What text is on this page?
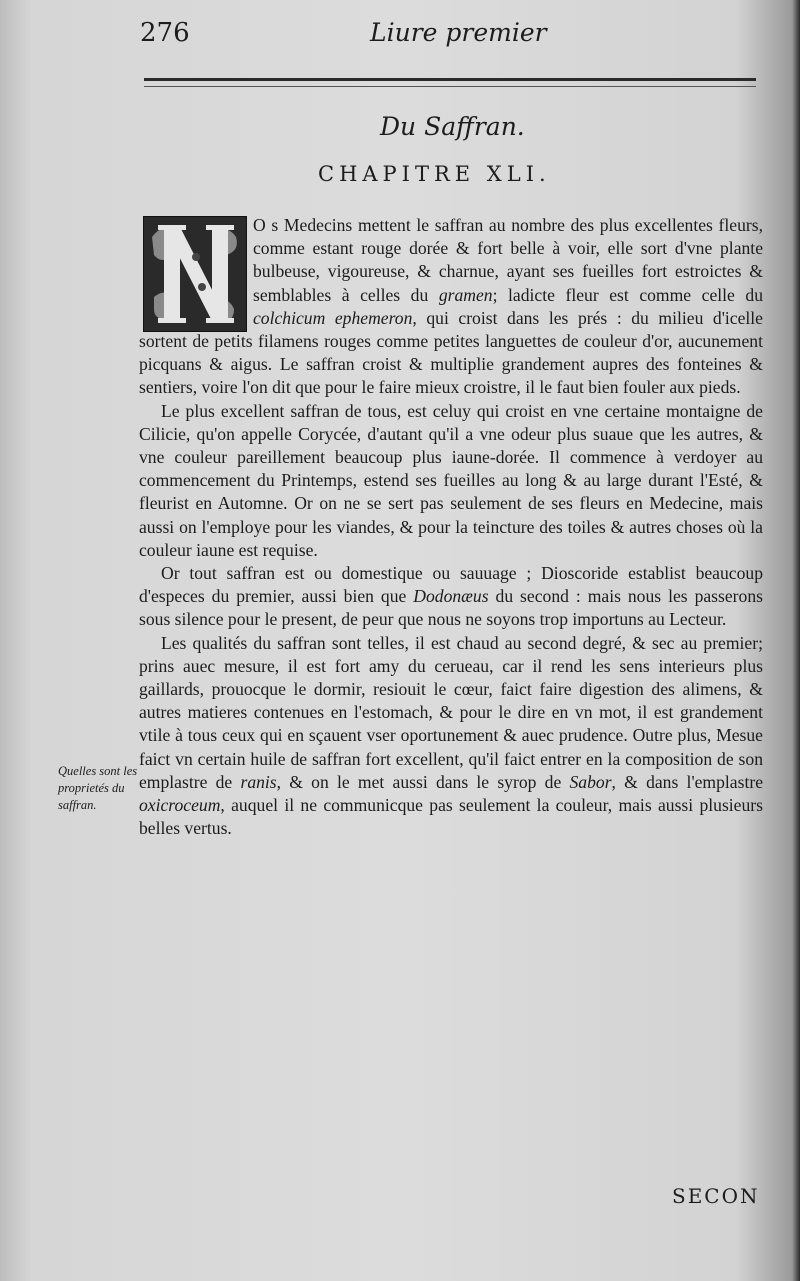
276	Liure premier
Du Saffran.
CHAPITRE XLI.

O s Medecins mettent le saffran au nombre des plus excellentes fleurs, comme estant rouge dorée & fort belle à voir, elle sort d'vne plante bulbeuse, vigoureuse, & charnue, ayant ses fueilles fort estroictes & semblables à celles du gramen; ladicte fleur est comme celle du colchicum ephemeron, qui croist dans les prés : du milieu d'icelle sortent de petits filamens rouges comme petites languettes de couleur d'or, aucunement picquans & aigus. Le saffran croist & multiplie grandement aupres des fonteines & sentiers, voire l'on dit que pour le faire mieux croistre, il le faut bien fouler aux pieds.

Le plus excellent saffran de tous, est celuy qui croist en vne certaine montaigne de Cilicie, qu'on appelle Corycée, d'autant qu'il a vne odeur plus suaue que les autres, & vne couleur pareillement beaucoup plus iaune-dorée. Il commence à verdoyer au commencement du Printemps, estend ses fueilles au long & au large durant l'Esté, & fleurist en Automne. Or on ne se sert pas seulement de ses fleurs en Medecine, mais aussi on l'employe pour les viandes, & pour la teincture des toiles & autres choses où la couleur iaune est requise.

Or tout saffran est ou domestique ou sauuage ; Dioscoride establist beaucoup d'especes du premier, aussi bien que Dodonæus du second : mais nous les passerons sous silence pour le present, de peur que nous ne soyons trop importuns au Lecteur.

Les qualités du saffran sont telles, il est chaud au second degré, & sec au premier; prins auec mesure, il est fort amy du cerueau, car il rend les sens interieurs plus gaillards, prouocque le dormir, resiouit le cœur, faict faire digestion des alimens, & autres matieres contenues en l'estomach, & pour le dire en vn mot, il est grandement vtile à tous ceux qui en sçauent vser oportunement & auec prudence. Outre plus, Mesue faict vn certain huile de saffran fort excellent, qu'il faict entrer en la composition de son emplastre de ranis, & on le met aussi dans le syrop de Sabor, & dans l'emplastre oxicroceum, auquel il ne communicque pas seulement la couleur, mais aussi plusieurs belles vertus.

Quelles sont les proprietés du saffran.
SECON
